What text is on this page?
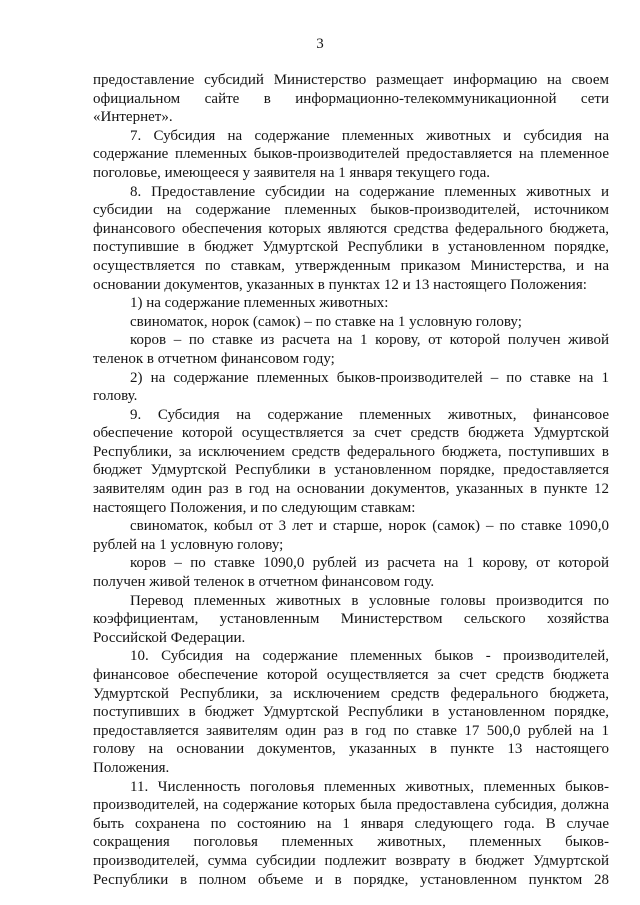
3

предоставление субсидий Министерство размещает информацию на своем официальном сайте в информационно-телекоммуникационной сети «Интернет».

7. Субсидия на содержание племенных животных и субсидия на содержание племенных быков-производителей предоставляется на племенное поголовье, имеющееся у заявителя на 1 января текущего года.

8. Предоставление субсидии на содержание племенных животных и субсидии на содержание племенных быков-производителей, источником финансового обеспечения которых являются средства федерального бюджета, поступившие в бюджет Удмуртской Республики в установленном порядке, осуществляется по ставкам, утвержденным приказом Министерства, и на основании документов, указанных в пунктах 12 и 13 настоящего Положения:

1) на содержание племенных животных:

свиноматок, норок (самок) – по ставке на 1 условную голову;

коров – по ставке из расчета на 1 корову, от которой получен живой теленок в отчетном финансовом году;

2) на содержание племенных быков-производителей – по ставке на 1 голову.

9. Субсидия на содержание племенных животных, финансовое обеспечение которой осуществляется за счет средств бюджета Удмуртской Республики, за исключением средств федерального бюджета, поступивших в бюджет Удмуртской Республики в установленном порядке, предоставляется заявителям один раз в год на основании документов, указанных в пункте 12 настоящего Положения, и по следующим ставкам:

свиноматок, кобыл от 3 лет и старше, норок (самок) – по ставке 1090,0 рублей на 1 условную голову;

коров – по ставке 1090,0 рублей из расчета на 1 корову, от которой получен живой теленок в отчетном финансовом году.

Перевод племенных животных в условные головы производится по коэффициентам, установленным Министерством сельского хозяйства Российской Федерации.

10. Субсидия на содержание племенных быков - производителей, финансовое обеспечение которой осуществляется за счет средств бюджета Удмуртской Республики, за исключением средств федерального бюджета, поступивших в бюджет Удмуртской Республики в установленном порядке, предоставляется заявителям один раз в год по ставке 17 500,0 рублей на 1 голову на основании документов, указанных в пункте 13 настоящего Положения.

11. Численность поголовья племенных животных, племенных быков-производителей, на содержание которых была предоставлена субсидия, должна быть сохранена по состоянию на 1 января следующего года. В случае сокращения поголовья племенных животных, племенных быков-производителей, сумма субсидии подлежит возврату в бюджет Удмуртской Республики в полном объеме и в порядке, установленном пунктом 28
